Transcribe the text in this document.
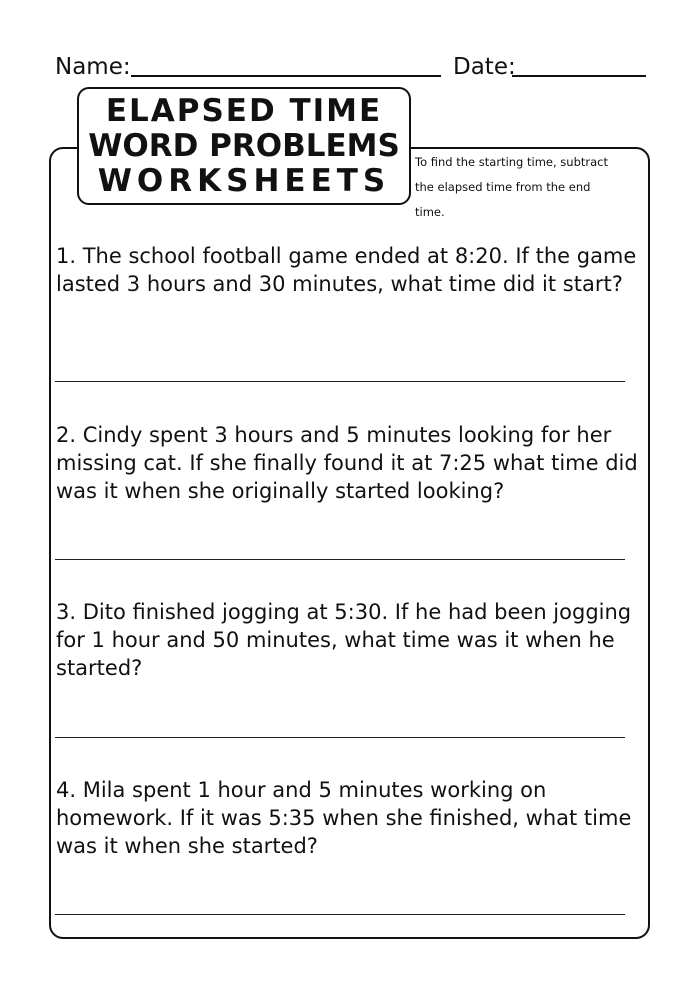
Name:	Date:
ELAPSED TIME
WORD PROBLEMS
WORKSHEETS
To find the starting time, subtract
the elapsed time from the end
time.
1. The school football game ended at 8:20. If the game lasted 3 hours and 30 minutes, what time did it start?
2. Cindy spent 3 hours and 5 minutes looking for her missing cat. If she finally found it at 7:25 what time did was it when she originally started looking?
3. Dito finished jogging at 5:30. If he had been jogging for 1 hour and 50 minutes, what time was it when he started?
4. Mila spent 1 hour and 5 minutes working on homework. If it was 5:35 when she finished, what time was it when she started?
